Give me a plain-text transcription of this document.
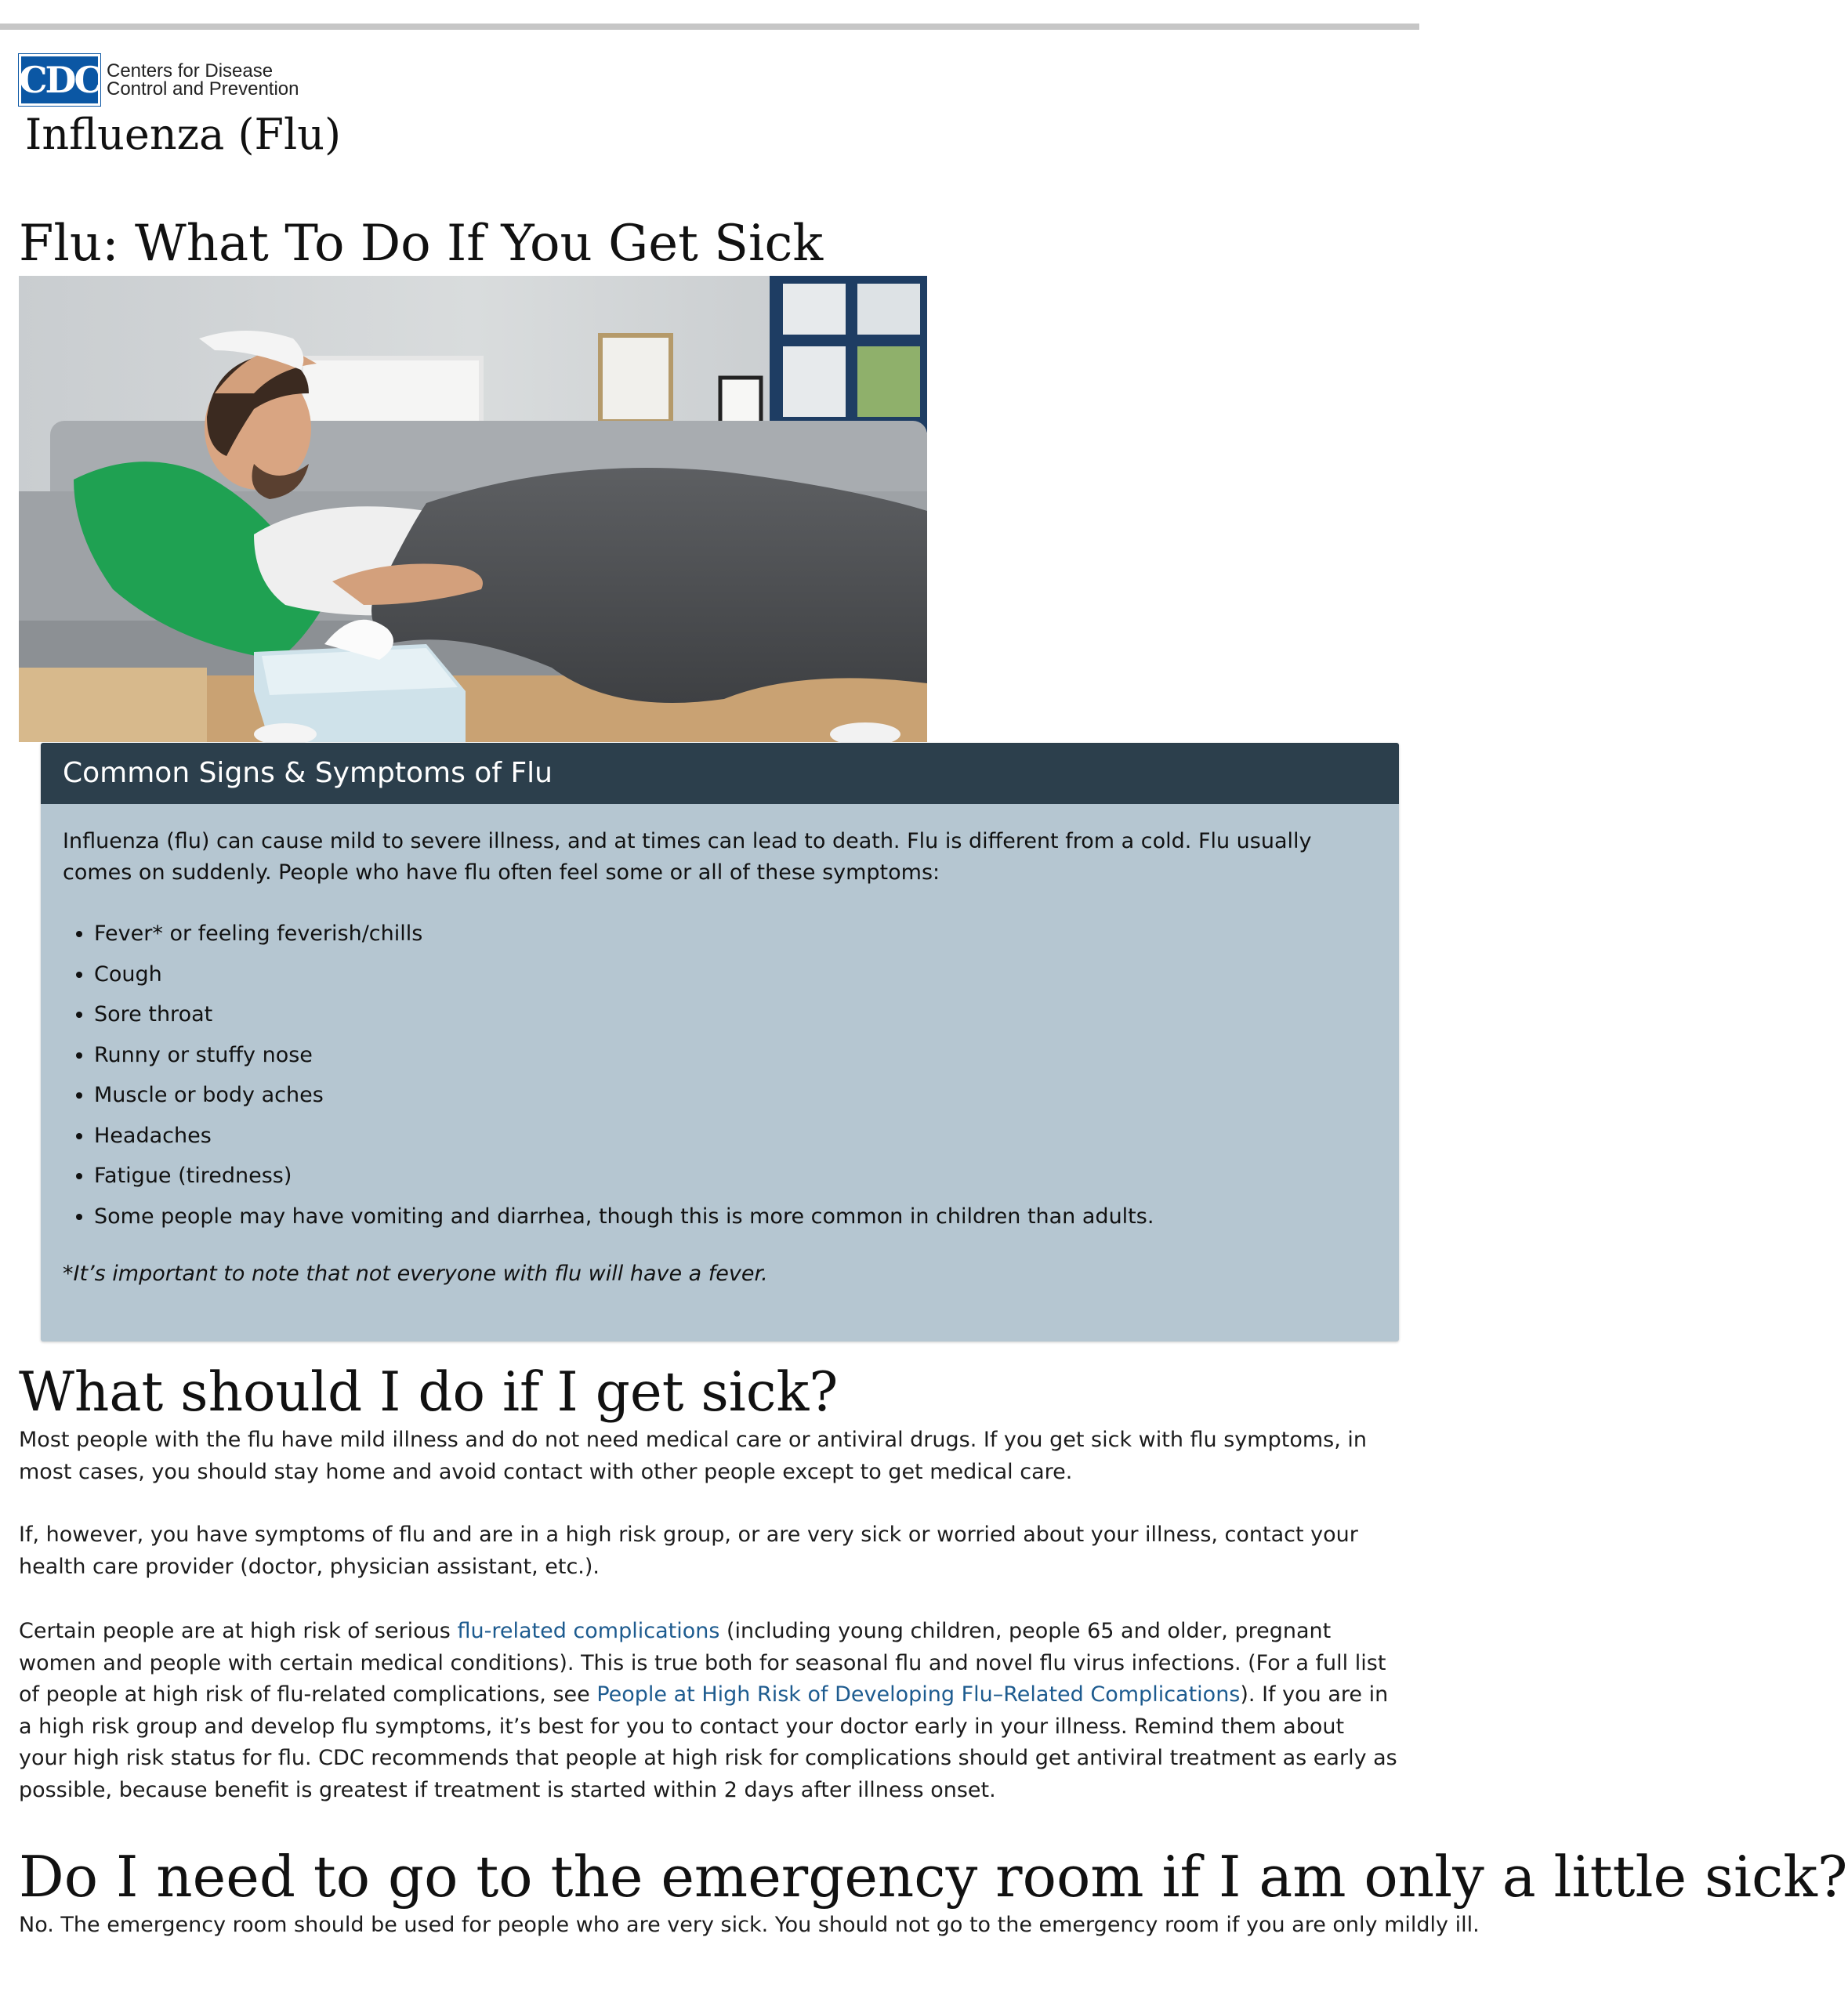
CDC Centers for Disease
Control and Prevention
Influenza (Flu)
Flu: What To Do If You Get Sick
Common Signs & Symptoms of Flu

Influenza (flu) can cause mild to severe illness, and at times can lead to death. Flu is different from a cold. Flu usually comes on suddenly. People who have flu often feel some or all of these symptoms:

• Fever* or feeling feverish/chills
• Cough
• Sore throat
• Runny or stuffy nose
• Muscle or body aches
• Headaches
• Fatigue (tiredness)
• Some people may have vomiting and diarrhea, though this is more common in children than adults.

*It’s important to note that not everyone with flu will have a fever.

What should I do if I get sick?
Most people with the flu have mild illness and do not need medical care or antiviral drugs. If you get sick with flu symptoms, in most cases, you should stay home and avoid contact with other people except to get medical care.
If, however, you have symptoms of flu and are in a high risk group, or are very sick or worried about your illness, contact your health care provider (doctor, physician assistant, etc.).
Certain people are at high risk of serious flu-related complications (including young children, people 65 and older, pregnant women and people with certain medical conditions). This is true both for seasonal flu and novel flu virus infections. (For a full list of people at high risk of flu-related complications, see People at High Risk of Developing Flu–Related Complications). If you are in a high risk group and develop flu symptoms, it’s best for you to contact your doctor early in your illness. Remind them about your high risk status for flu. CDC recommends that people at high risk for complications should get antiviral treatment as early as possible, because benefit is greatest if treatment is started within 2 days after illness onset.
Do I need to go to the emergency room if I am only a little sick?
No. The emergency room should be used for people who are very sick. You should not go to the emergency room if you are only mildly ill.
